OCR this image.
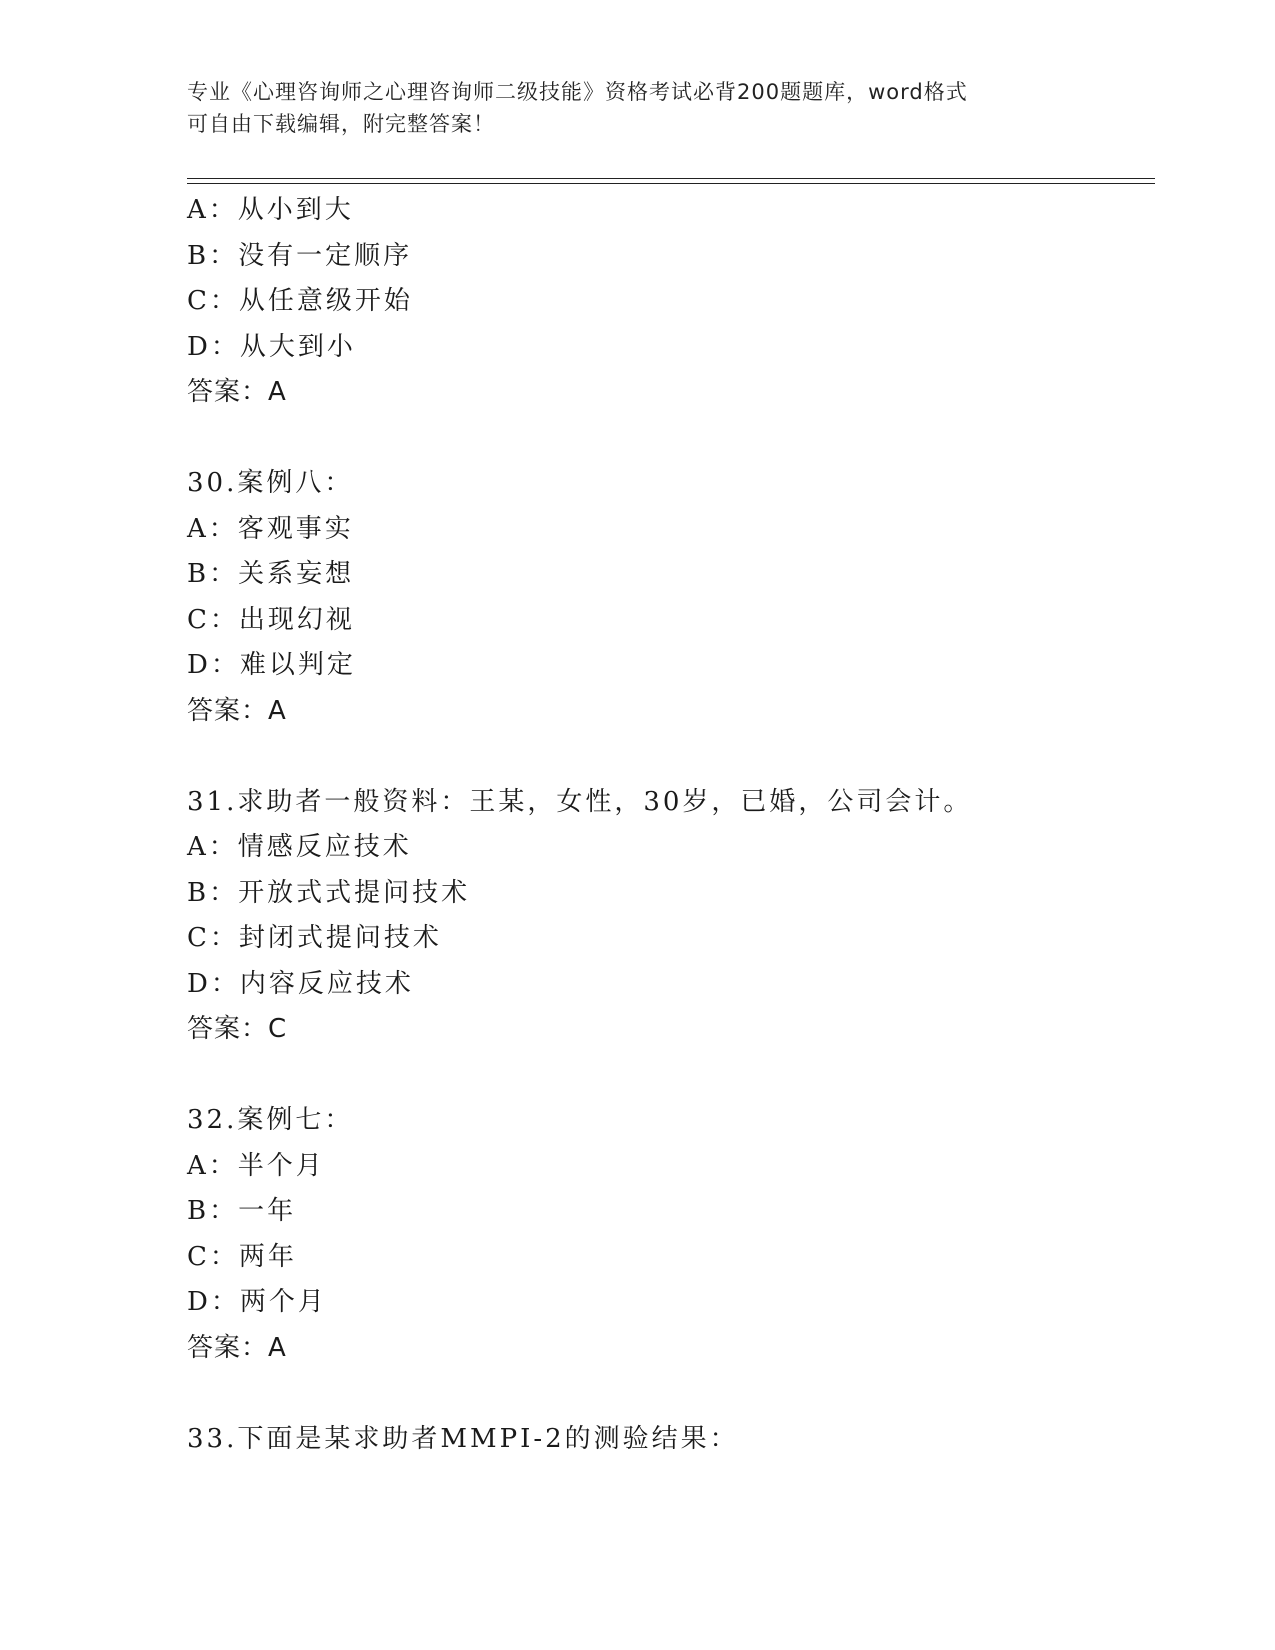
专业《心理咨询师之心理咨询师二级技能》资格考试必背200题题库，word格式
可自由下载编辑，附完整答案！
A：从小到大
B：没有一定顺序
C：从任意级开始
D：从大到小
答案：A
30.案例八：
A：客观事实
B：关系妄想
C：出现幻视
D：难以判定
答案：A
31.求助者一般资料：王某，女性，30岁，已婚，公司会计。
A：情感反应技术
B：开放式式提问技术
C：封闭式提问技术
D：内容反应技术
答案：C
32.案例七：
A：半个月
B：一年
C：两年
D：两个月
答案：A
33.下面是某求助者MMPI-2的测验结果：
